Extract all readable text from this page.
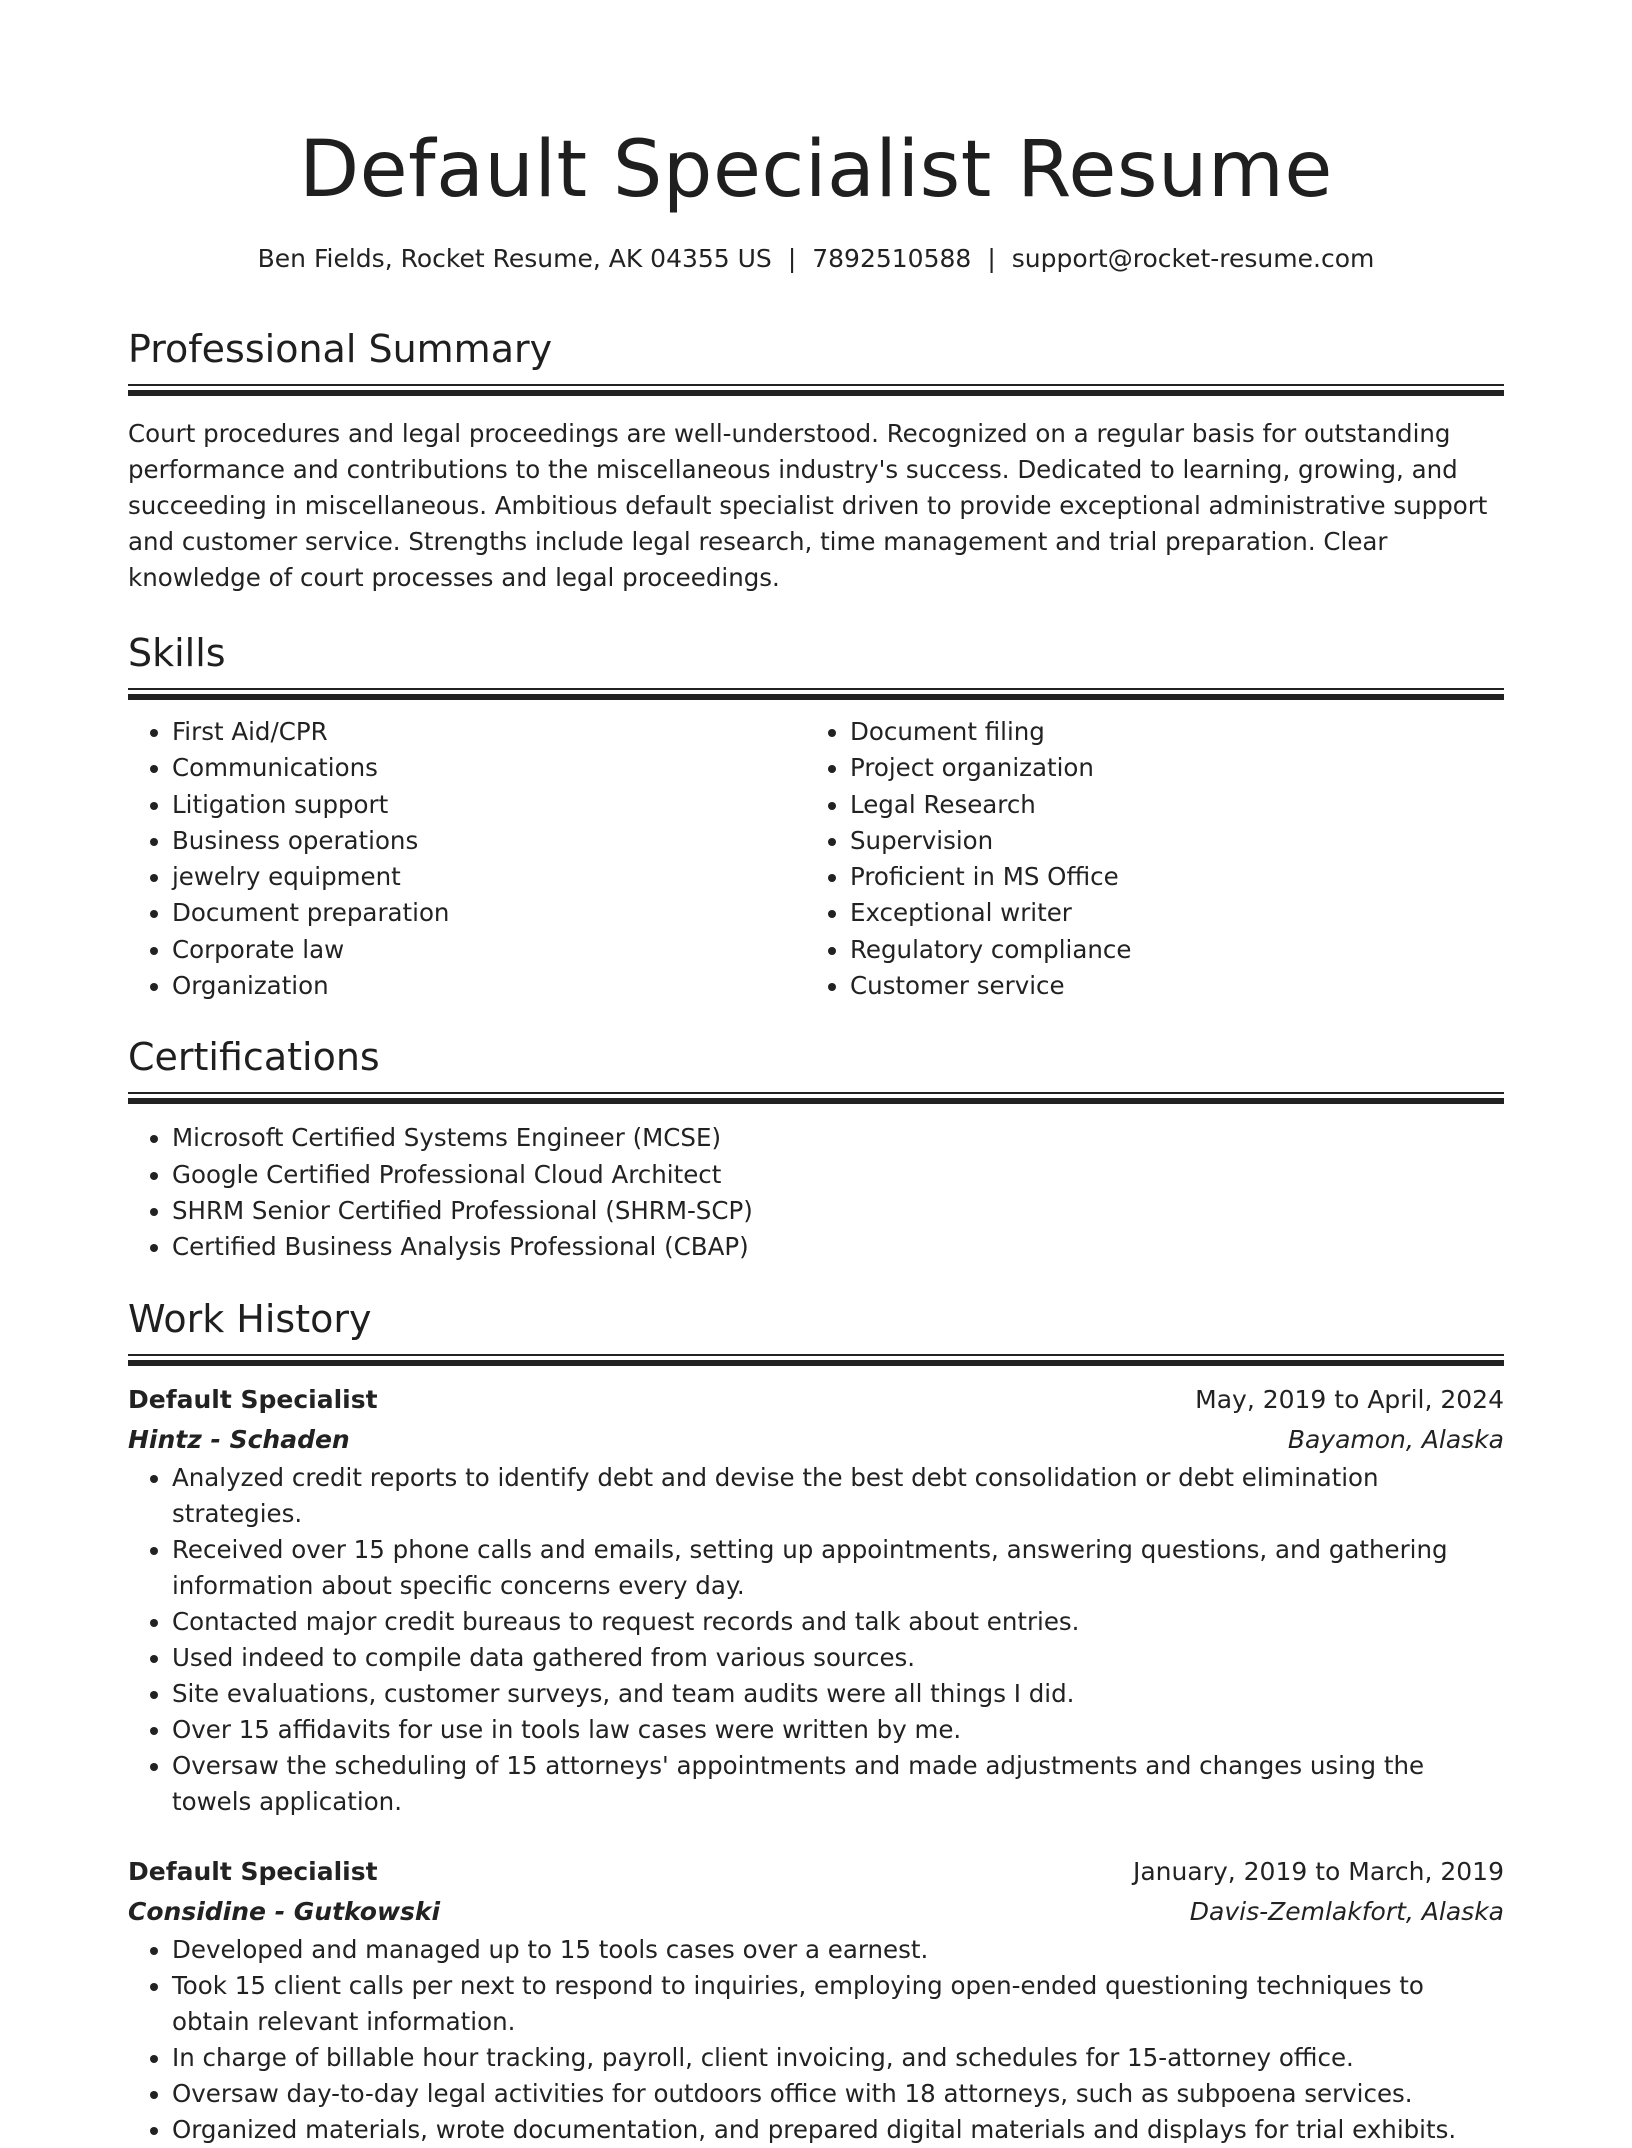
Default Specialist Resume
Ben Fields, Rocket Resume, AK 04355 US | 7892510588 | support@rocket-resume.com
Professional Summary

Court procedures and legal proceedings are well-understood. Recognized on a regular basis for outstanding performance and contributions to the miscellaneous industry's success. Dedicated to learning, growing, and succeeding in miscellaneous. Ambitious default specialist driven to provide exceptional administrative support and customer service. Strengths include legal research, time management and trial preparation. Clear knowledge of court processes and legal proceedings.

Skills
• First Aid/CPR
• Communications
• Litigation support
• Business operations
• jewelry equipment
• Document preparation
• Corporate law
• Organization
• Document filing
• Project organization
• Legal Research
• Supervision
• Proficient in MS Office
• Exceptional writer
• Regulatory compliance
• Customer service
Certifications
• Microsoft Certified Systems Engineer (MCSE)
• Google Certified Professional Cloud Architect
• SHRM Senior Certified Professional (SHRM-SCP)
• Certified Business Analysis Professional (CBAP)
Work History
Default Specialist	May, 2019 to April, 2024
Hintz - Schaden	Bayamon, Alaska
• Analyzed credit reports to identify debt and devise the best debt consolidation or debt elimination strategies.
• Received over 15 phone calls and emails, setting up appointments, answering questions, and gathering information about specific concerns every day.
• Contacted major credit bureaus to request records and talk about entries.
• Used indeed to compile data gathered from various sources.
• Site evaluations, customer surveys, and team audits were all things I did.
• Over 15 affidavits for use in tools law cases were written by me.
• Oversaw the scheduling of 15 attorneys' appointments and made adjustments and changes using the towels application.
Default Specialist	January, 2019 to March, 2019
Considine - Gutkowski	Davis-Zemlakfort, Alaska
• Developed and managed up to 15 tools cases over a earnest.
• Took 15 client calls per next to respond to inquiries, employing open-ended questioning techniques to obtain relevant information.
• In charge of billable hour tracking, payroll, client invoicing, and schedules for 15-attorney office.
• Oversaw day-to-day legal activities for outdoors office with 18 attorneys, such as subpoena services.
• Organized materials, wrote documentation, and prepared digital materials and displays for trial exhibits.
